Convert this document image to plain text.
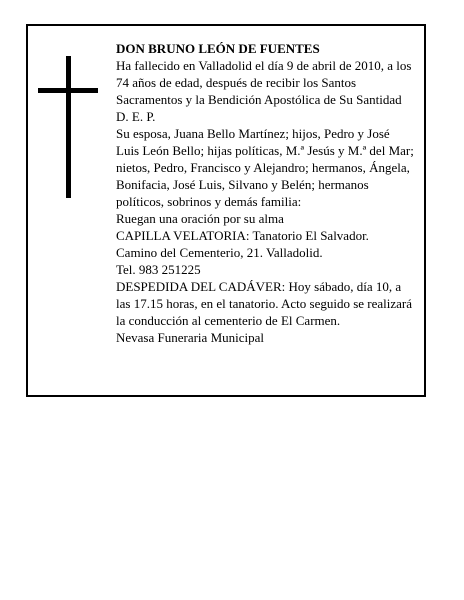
DON BRUNO LEÓN DE FUENTES

Ha fallecido en Valladolid el día 9 de abril de 2010, a los 74 años de edad, después de recibir los Santos Sacramentos y la Bendición Apostólica de Su Santidad

D. E. P.

Su esposa, Juana Bello Martínez; hijos, Pedro y José Luis León Bello; hijas políticas, M.ª Jesús y M.ª del Mar; nietos, Pedro, Francisco y Alejandro; hermanos, Ángela, Bonifacia, José Luis, Silvano y Belén; hermanos políticos, sobrinos y demás familia:

Ruegan una oración por su alma

CAPILLA VELATORIA: Tanatorio El Salvador.

Camino del Cementerio, 21. Valladolid.

Tel. 983 251225

DESPEDIDA DEL CADÁVER: Hoy sábado, día 10, a las 17.15 horas, en el tanatorio. Acto seguido se realizará la conducción al cementerio de El Carmen.

Nevasa Funeraria Municipal
